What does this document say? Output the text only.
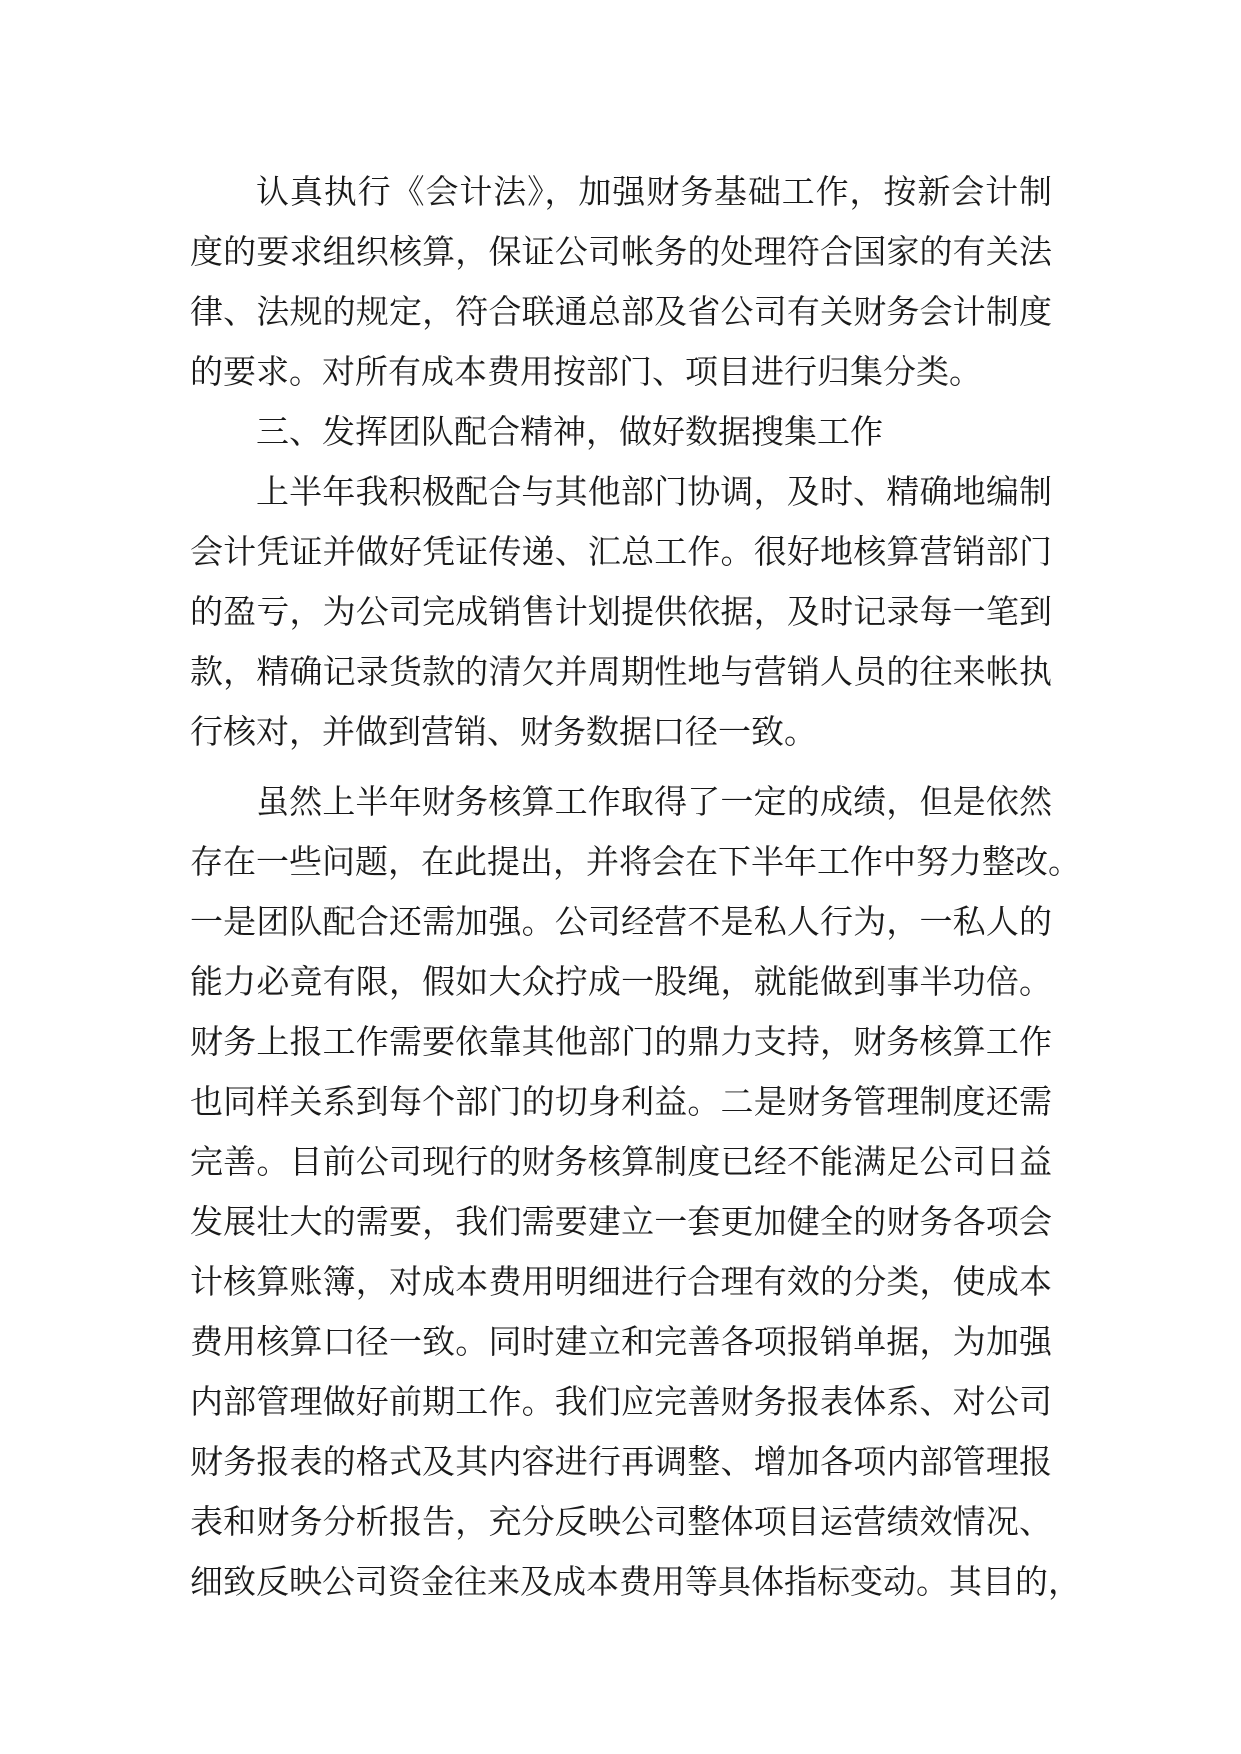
认真执行《会计法》，加强财务基础工作，按新会计制
度的要求组织核算，保证公司帐务的处理符合国家的有关法
律、法规的规定，符合联通总部及省公司有关财务会计制度
的要求。对所有成本费用按部门、项目进行归集分类。
三、发挥团队配合精神，做好数据搜集工作
上半年我积极配合与其他部门协调，及时、精确地编制
会计凭证并做好凭证传递、汇总工作。很好地核算营销部门
的盈亏，为公司完成销售计划提供依据，及时记录每一笔到
款，精确记录货款的清欠并周期性地与营销人员的往来帐执
行核对，并做到营销、财务数据口径一致。
虽然上半年财务核算工作取得了一定的成绩，但是依然
存在一些问题，在此提出，并将会在下半年工作中努力整改。
一是团队配合还需加强。公司经营不是私人行为，一私人的
能力必竟有限，假如大众拧成一股绳，就能做到事半功倍。
财务上报工作需要依靠其他部门的鼎力支持，财务核算工作
也同样关系到每个部门的切身利益。二是财务管理制度还需
完善。目前公司现行的财务核算制度已经不能满足公司日益
发展壮大的需要，我们需要建立一套更加健全的财务各项会
计核算账簿，对成本费用明细进行合理有效的分类，使成本
费用核算口径一致。同时建立和完善各项报销单据，为加强
内部管理做好前期工作。我们应完善财务报表体系、对公司
财务报表的格式及其内容进行再调整、增加各项内部管理报
表和财务分析报告，充分反映公司整体项目运营绩效情况、
细致反映公司资金往来及成本费用等具体指标变动。其目的，
